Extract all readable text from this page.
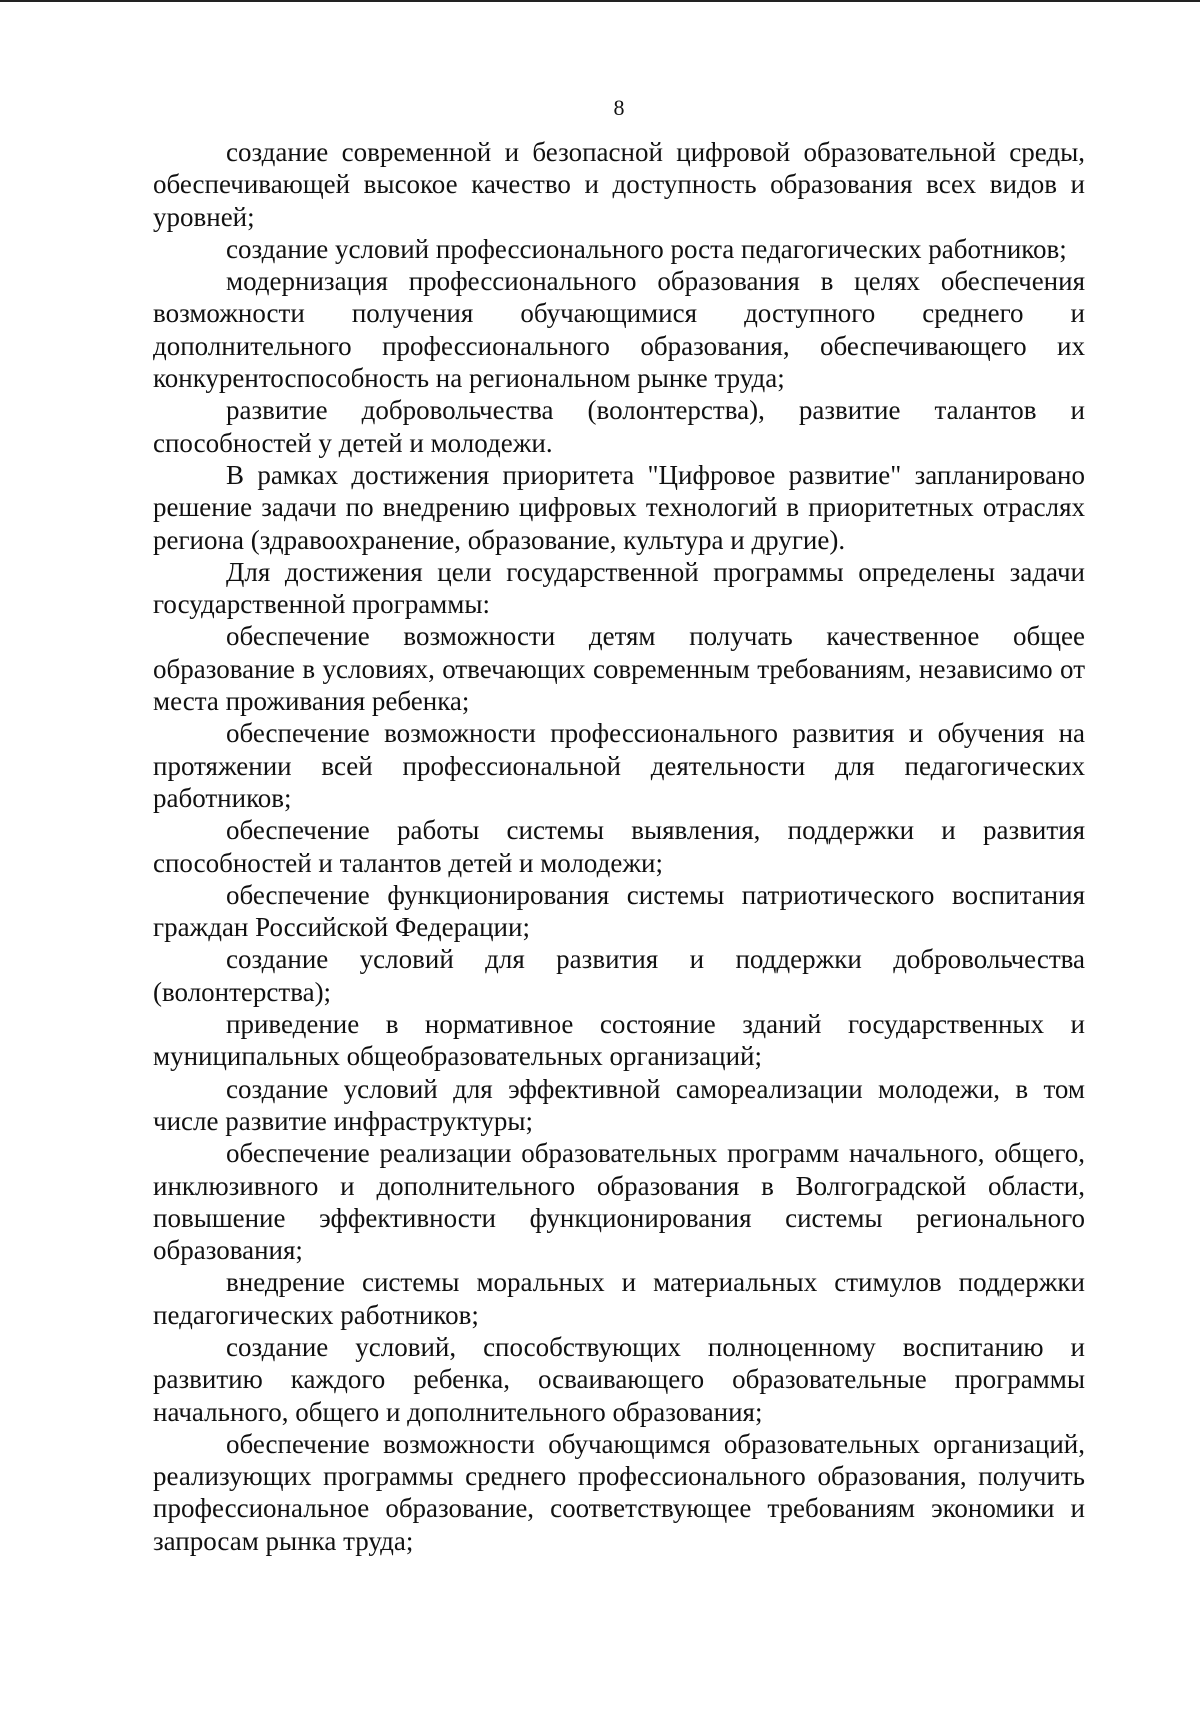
8

создание современной и безопасной цифровой образовательной среды, обеспечивающей высокое качество и доступность образования всех видов и уровней;

создание условий профессионального роста педагогических работников;

модернизация профессионального образования в целях обеспечения возможности получения обучающимися доступного среднего и дополнительного профессионального образования, обеспечивающего их конкурентоспособность на региональном рынке труда;

развитие добровольчества (волонтерства), развитие талантов и способностей у детей и молодежи.

В рамках достижения приоритета "Цифровое развитие" запланировано решение задачи по внедрению цифровых технологий в приоритетных отраслях региона (здравоохранение, образование, культура и другие).

Для достижения цели государственной программы определены задачи государственной программы:

обеспечение возможности детям получать качественное общее образование в условиях, отвечающих современным требованиям, независимо от места проживания ребенка;

обеспечение возможности профессионального развития и обучения на протяжении всей профессиональной деятельности для педагогических работников;

обеспечение работы системы выявления, поддержки и развития способностей и талантов детей и молодежи;

обеспечение функционирования системы патриотического воспитания граждан Российской Федерации;

создание условий для развития и поддержки добровольчества (волонтерства);

приведение в нормативное состояние зданий государственных и муниципальных общеобразовательных организаций;

создание условий для эффективной самореализации молодежи, в том числе развитие инфраструктуры;

обеспечение реализации образовательных программ начального, общего, инклюзивного и дополнительного образования в Волгоградской области, повышение эффективности функционирования системы регионального образования;

внедрение системы моральных и материальных стимулов поддержки педагогических работников;

создание условий, способствующих полноценному воспитанию и развитию каждого ребенка, осваивающего образовательные программы начального, общего и дополнительного образования;

обеспечение возможности обучающимся образовательных организаций, реализующих программы среднего профессионального образования, получить профессиональное образование, соответствующее требованиям экономики и запросам рынка труда;
